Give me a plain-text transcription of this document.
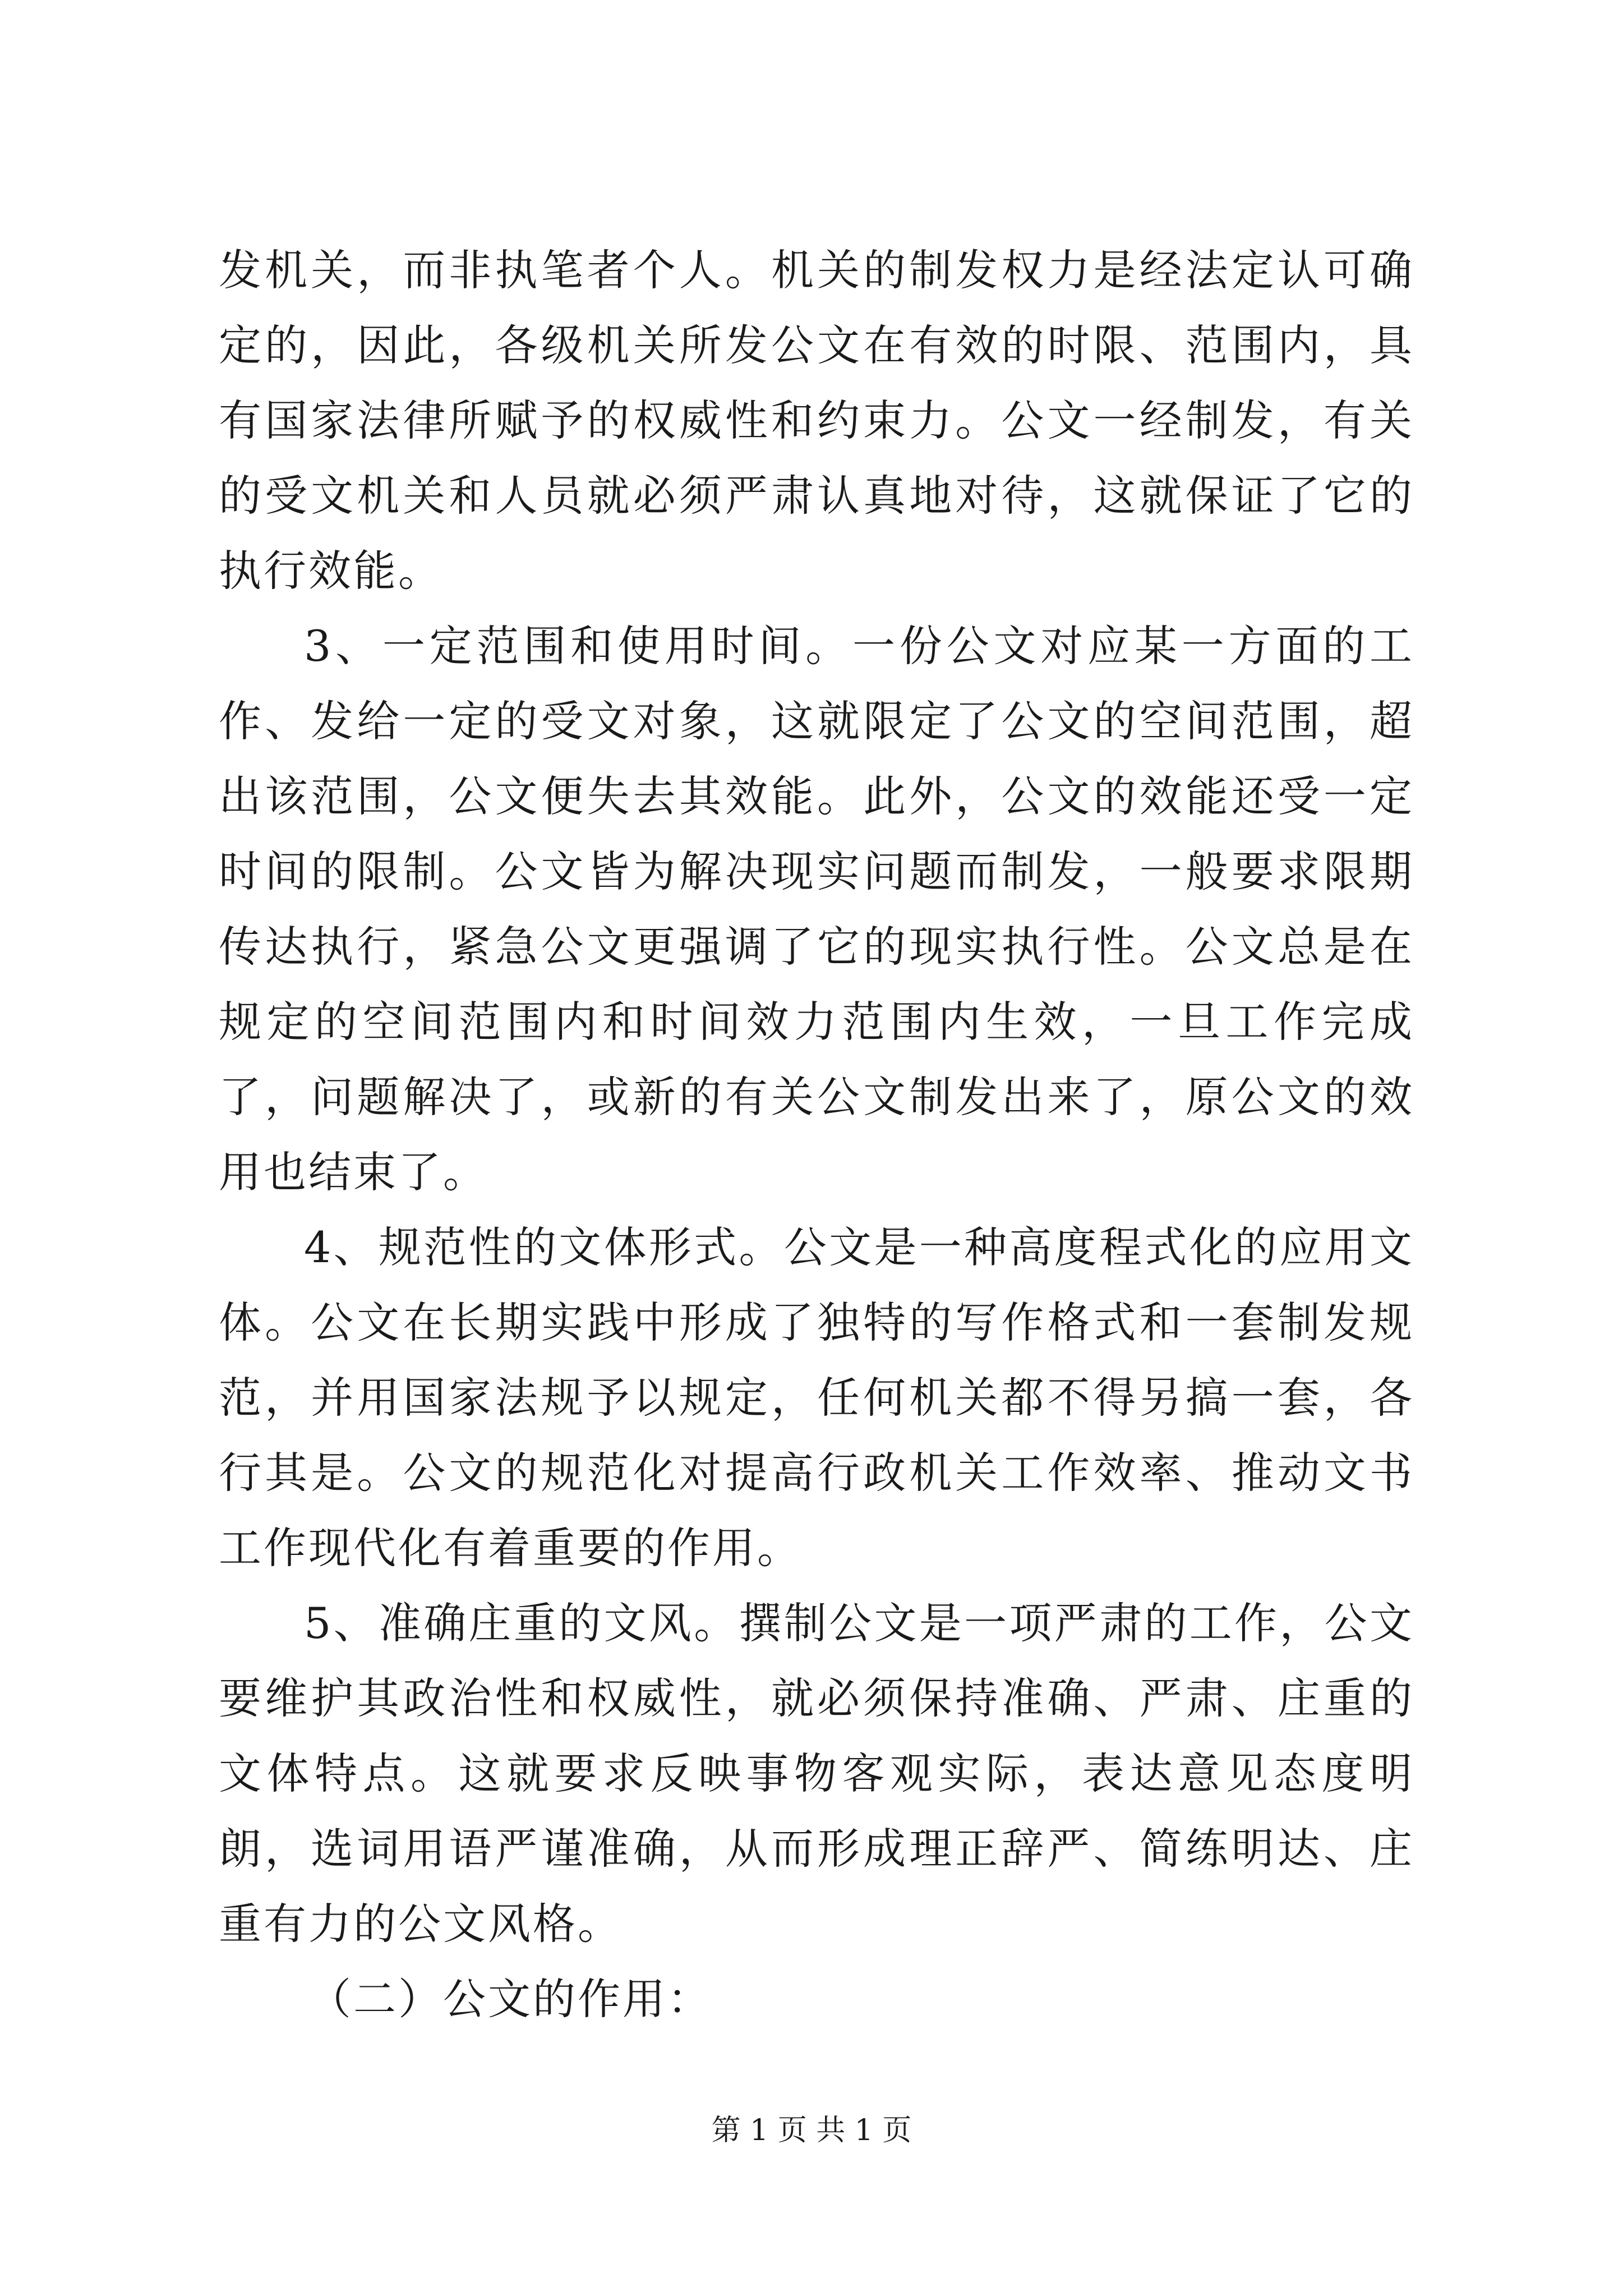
发机关，而非执笔者个人。机关的制发权力是经法定认可确定的，因此，各级机关所发公文在有效的时限、范围内，具有国家法律所赋予的权威性和约束力。公文一经制发，有关的受文机关和人员就必须严肃认真地对待，这就保证了它的执行效能。

3、一定范围和使用时间。一份公文对应某一方面的工作、发给一定的受文对象，这就限定了公文的空间范围，超出该范围，公文便失去其效能。此外，公文的效能还受一定时间的限制。公文皆为解决现实问题而制发，一般要求限期传达执行，紧急公文更强调了它的现实执行性。公文总是在规定的空间范围内和时间效力范围内生效，一旦工作完成了，问题解决了，或新的有关公文制发出来了，原公文的效用也结束了。

4、规范性的文体形式。公文是一种高度程式化的应用文体。公文在长期实践中形成了独特的写作格式和一套制发规范，并用国家法规予以规定，任何机关都不得另搞一套，各行其是。公文的规范化对提高行政机关工作效率、推动文书工作现代化有着重要的作用。

5、准确庄重的文风。撰制公文是一项严肃的工作，公文要维护其政治性和权威性，就必须保持准确、严肃、庄重的文体特点。这就要求反映事物客观实际，表达意见态度明朗，选词用语严谨准确，从而形成理正辞严、简练明达、庄重有力的公文风格。

（二）公文的作用：

第 1 页 共 1 页
